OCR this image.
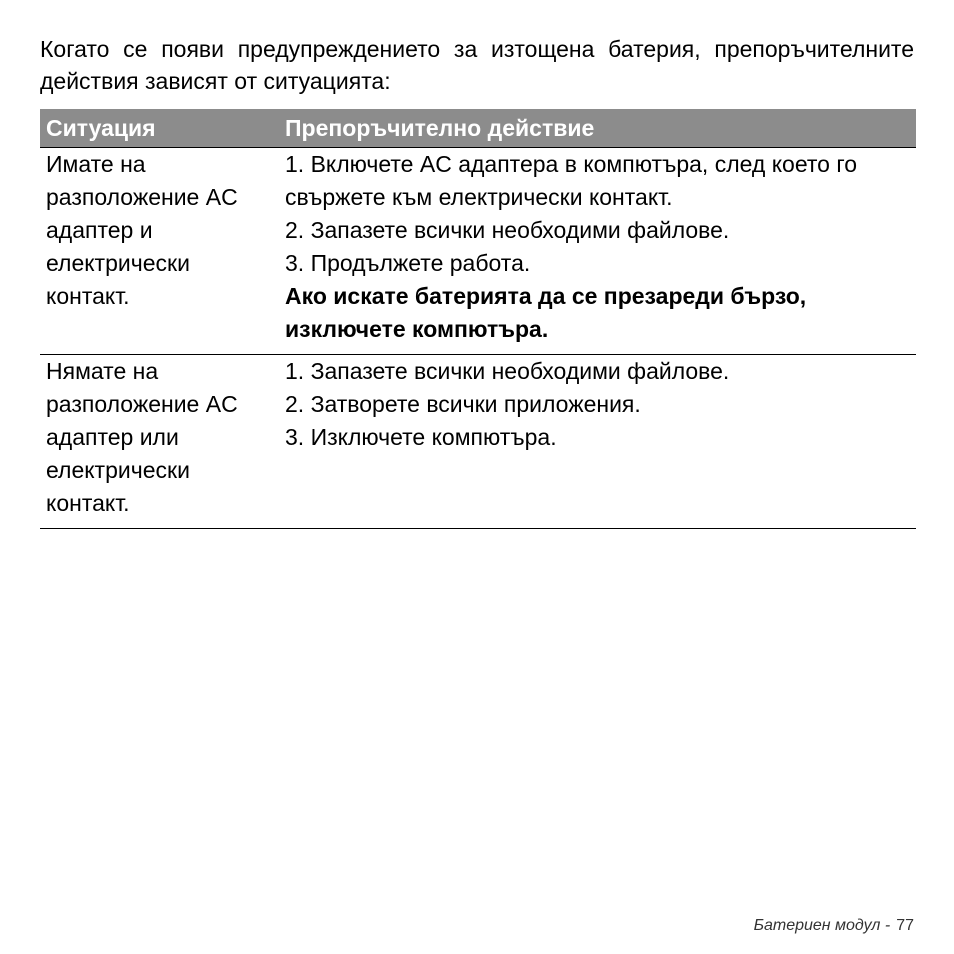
Когато се появи предупреждението за изтощена батерия, препоръчителните действия зависят от ситуацията:

Ситуация	Препоръчително действие

Имате на разположение AC адаптер и електрически контакт.	1. Включете AC адаптера в компютъра, след което го свържете към електрически контакт.
2. Запазете всички необходими файлове.
3. Продължете работа.
Ако искате батерията да се презареди бързо, изключете компютъра.

Нямате на разположение AC адаптер или електрически контакт.	1. Запазете всички необходими файлове.
2. Затворете всички приложения.
3. Изключете компютъра.
Батериен модул - 77
